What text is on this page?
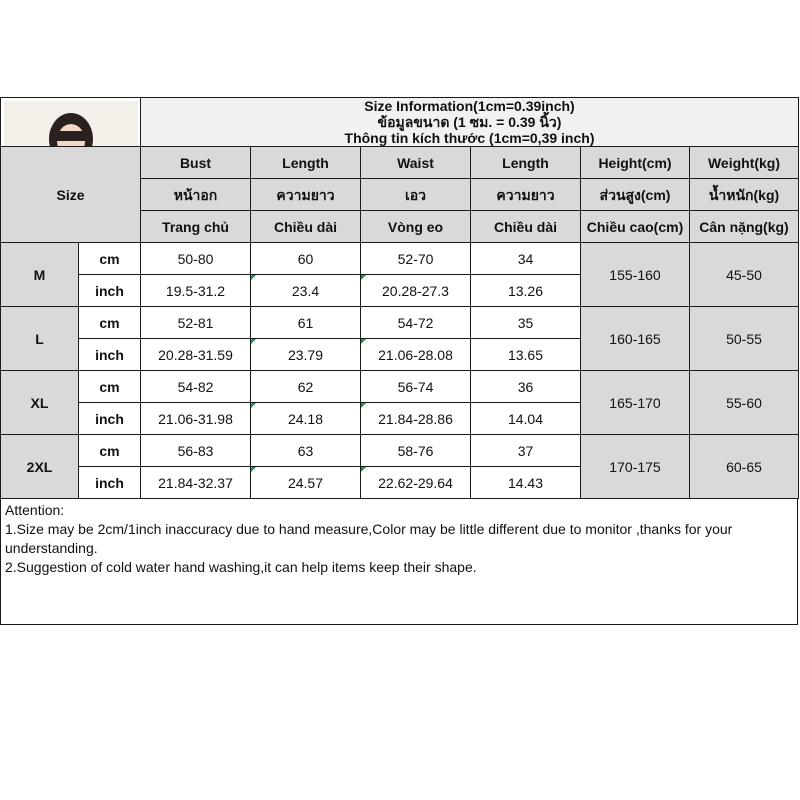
Size Information(1cm=0.39inch)
ข้อมูลขนาด (1 ซม. = 0.39 นิ้ว)
Thông tin kích thước (1cm=0,39 inch)					

Size		Bust	Length	Waist	Length	Height(cm)	Weight(kg)
		หน้าอก	ความยาว	เอว	ความยาว	ส่วนสูง(cm)	น้ำหนัก(kg)
		Trang chủ	Chiều dài	Vòng eo	Chiều dài	Chiều cao(cm)	Cân nặng(kg)
M	cm	50-80	60	52-70	34	155-160	45-50
	inch	19.5-31.2	23.4	20.28-27.3	13.26		
L	cm	52-81	61	54-72	35	160-165	50-55
	inch	20.28-31.59	23.79	21.06-28.08	13.65		
XL	cm	54-82	62	56-74	36	165-170	55-60
	inch	21.06-31.98	24.18	21.84-28.86	14.04		
2XL	cm	56-83	63	58-76	37	170-175	60-65
	inch	21.84-32.37	24.57	22.62-29.64	14.43		
Attention:
1.Size may be 2cm/1inch inaccuracy due to hand measure,Color may be little different due to monitor ,thanks for your understanding.
2.Suggestion of cold water hand washing,it can help items keep their shape.
